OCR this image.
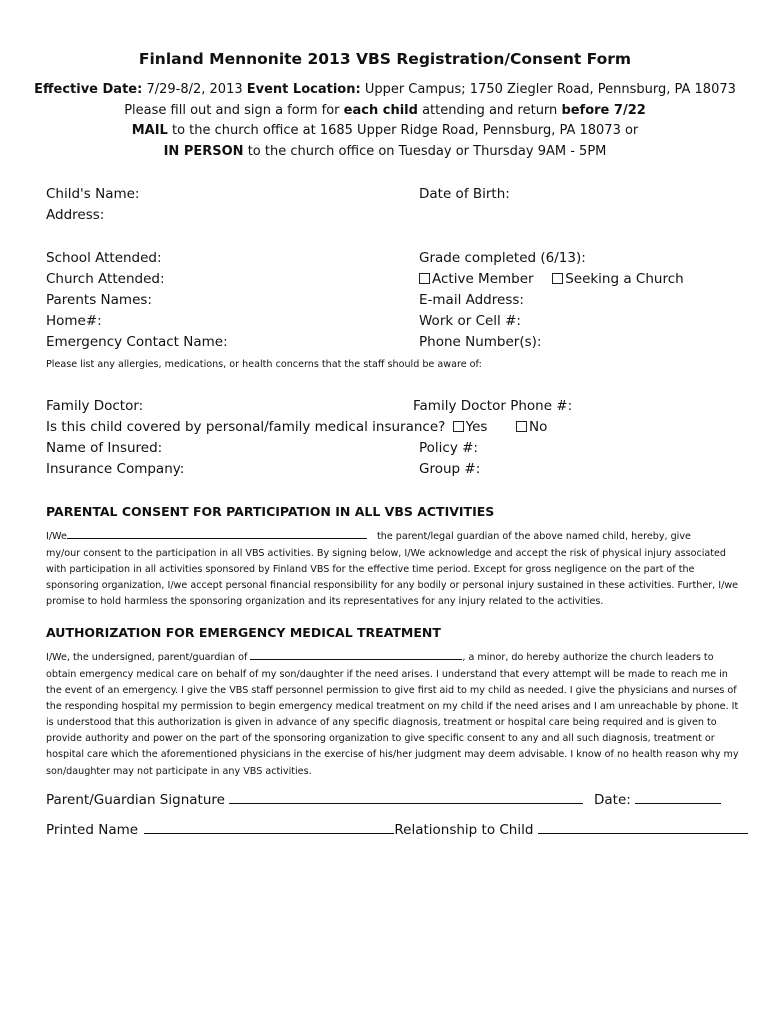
Finland Mennonite 2013 VBS Registration/Consent Form
Effective Date: 7/29-8/2, 2013 Event Location: Upper Campus; 1750 Ziegler Road, Pennsburg, PA 18073
Please fill out and sign a form for each child attending and return before 7/22
MAIL to the church office at 1685 Upper Ridge Road, Pennsburg, PA 18073 or
IN PERSON to the church office on Tuesday or Thursday 9AM - 5PM
Child's Name:	Date of Birth:
Address:
School Attended:	Grade completed (6/13):
Church Attended:	Active Member Seeking a Church
Parents Names:	E-mail Address:
Home#:	Work or Cell #:
Emergency Contact Name:	Phone Number(s):
Please list any allergies, medications, or health concerns that the staff should be aware of:
Family Doctor:	Family Doctor Phone #:
Is this child covered by personal/family medical insurance? Yes	No
Name of Insured:	Policy #:
Insurance Company:	Group #:
PARENTAL CONSENT FOR PARTICIPATION IN ALL VBS ACTIVITIES
I/We	the parent/legal guardian of the above named child, hereby, give
my/our consent to the participation in all VBS activities. By signing below, I/We acknowledge and accept the risk of physical injury associated with participation in all activities sponsored by Finland VBS for the effective time period. Except for gross negligence on the part of the sponsoring organization, I/we accept personal financial responsibility for any bodily or personal injury sustained in these activities. Further, I/we promise to hold harmless the sponsoring organization and its representatives for any injury related to the activities.
AUTHORIZATION FOR EMERGENCY MEDICAL TREATMENT
I/We, the undersigned, parent/guardian of	, a minor, do hereby authorize the church leaders to
obtain emergency medical care on behalf of my son/daughter if the need arises. I understand that every attempt will be made to reach me in the event of an emergency. I give the VBS staff personnel permission to give first aid to my child as needed. I give the physicians and nurses of the responding hospital my permission to begin emergency medical treatment on my child if the need arises and I am unreachable by phone. It is understood that this authorization is given in advance of any specific diagnosis, treatment or hospital care being required and is given to provide authority and power on the part of the sponsoring organization to give specific consent to any and all such diagnosis, treatment or hospital care which the aforementioned physicians in the exercise of his/her judgment may deem advisable. I know of no health reason why my son/daughter may not participate in any VBS activities.
Parent/Guardian Signature	Date:
Printed Name	Relationship to Child
